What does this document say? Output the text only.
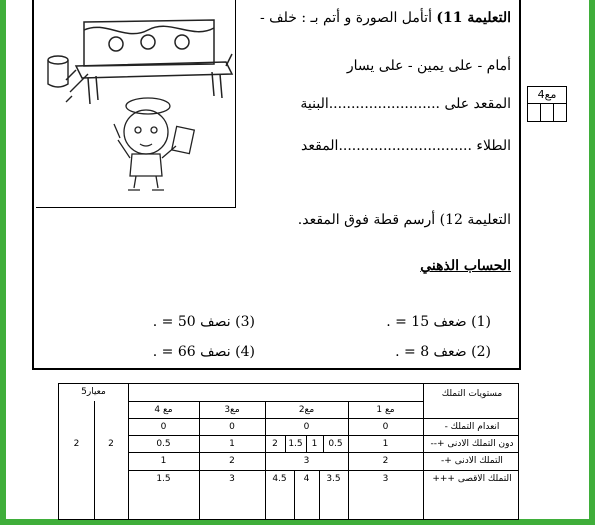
التعليمة 11) أتأمل الصورة و أتم بـ : خلف -
أمام - على يمين - على يسار
المقعد على .........................البنية
الطلاء ..............................المقعد
التعليمة 12) أرسم قطة فوق المقعد.
الحساب الذهني
(1) ضعف 15 = .
(2) ضعف 8 = .
(3) نصف 50 = .
(4) نصف 66 = .
مع4
مستويات التملك
معيار5
مع 1
مع2
مع3
مع 4
انعدام التملك -
دون التملك الادنى +--
التملك الادنى +-
التملك الاقصى +++
0
0
0
0
1
0.5
1
1.5
2
1
0.5
2
3
2
1
3
3.5
4
4.5
3
1.5
2
2
